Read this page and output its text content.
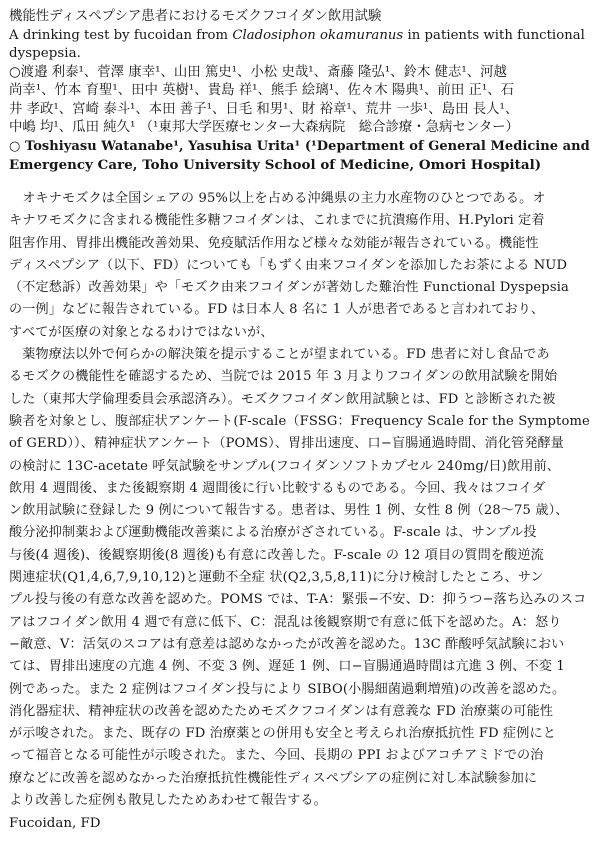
機能性ディスペプシア患者におけるモズクフコイダン飲用試験
A drinking test by fucoidan from Cladosiphon okamuranus in patients with functional
dyspepsia.
○渡邉 利泰¹、菅澤 康幸¹、山田 篤史¹、小松 史哉¹、斎藤 隆弘¹、鈴木 健志¹、河越
尚幸¹、竹本 育聖¹、田中 英樹¹、貴島 祥¹、熊手 絵璃¹、佐々木 陽典¹、前田 正¹、石
井 孝政¹、宮崎 泰斗¹、本田 善子¹、日毛 和男¹、財 裕章¹、荒井 一歩¹、島田 長人¹、
中嶋 均¹、瓜田 純久¹ （¹東邦大学医療センター大森病院　総合診療・急病センター）
○ Toshiyasu Watanabe¹, Yasuhisa Urita¹ (¹Department of General Medicine and
Emergency Care, Toho University School of Medicine, Omori Hospital)
　オキナモズクは全国シェアの 95%以上を占める沖縄県の主力水産物のひとつである。オ
キナワモズクに含まれる機能性多糖フコイダンは、これまでに抗潰瘍作用、H.Pylori 定着
阻害作用、胃排出機能改善効果、免疫賦活作用など様々な効能が報告されている。機能性
ディスペプシア（以下、FD）についても「もずく由来フコイダンを添加したお茶による NUD
（不定愁訴）改善効果」や「モズク由来フコイダンが著効した難治性 Functional Dyspepsia
の一例」などに報告されている。FD は日本人 8 名に 1 人が患者であると言われており、
すべてが医療の対象となるわけではないが、
　薬物療法以外で何らかの解決策を提示することが望まれている。FD 患者に対し食品であ
るモズクの機能性を確認するため、当院では 2015 年 3 月よりフコイダンの飲用試験を開始
した（東邦大学倫理委員会承認済み）。モズクフコイダン飲用試験とは、FD と診断された被
験者を対象とし、腹部症状アンケート(F-scale（FSSG：Frequency Scale for the Symptome
of GERD））、精神症状アンケート（POMS）、胃排出速度、口−盲腸通過時間、消化管発酵量
の検討に 13C-acetate 呼気試験をサンプル(フコイダンソフトカプセル 240mg/日)飲用前、
飲用 4 週間後、また後観察期 4 週間後に行い比較するものである。今回、我々はフコイダ
ン飲用試験に登録した 9 例について報告する。患者は、男性 1 例、女性 8 例（28～75 歳）、
酸分泌抑制薬および運動機能改善薬による治療がざされている。F-scale は、サンプル投
与後(4 週後)、後観察期後(8 週後)も有意に改善した。F-scale の 12 項目の質問を酸逆流
関連症状(Q1,4,6,7,9,10,12)と運動不全症 状(Q2,3,5,8,11)に分け検討したところ、サン
プル投与後の有意な改善を認めた。POMS では、T-A：緊張−不安、D：抑うつ−落ち込みのスコ
アはフコイダン飲用 4 週で有意に低下、C：混乱は後観察期で有意に低下を認めた。A：怒り
−敵意、V：活気のスコアは有意差は認めなかったが改善を認めた。13C 酢酸呼気試験におい
ては、胃排出速度の亢進 4 例、不変 3 例、遅延 1 例、口−盲腸通過時間は亢進 3 例、不変 1
例であった。また 2 症例はフコイダン投与により SIBO(小腸細菌過剰増殖)の改善を認めた。
消化器症状、精神症状の改善を認めたためモズクフコイダンは有意義な FD 治療薬の可能性
が示唆された。また、既存の FD 治療薬との併用も安全と考えられ治療抵抗性 FD 症例にと
って福音となる可能性が示唆された。また、今回、長期の PPI およびアコチアミドでの治
療などに改善を認めなかった治療抵抗性機能性ディスペプシアの症例に対し本試験参加に
より改善した症例も散見したためあわせて報告する。
Fucoidan, FD
